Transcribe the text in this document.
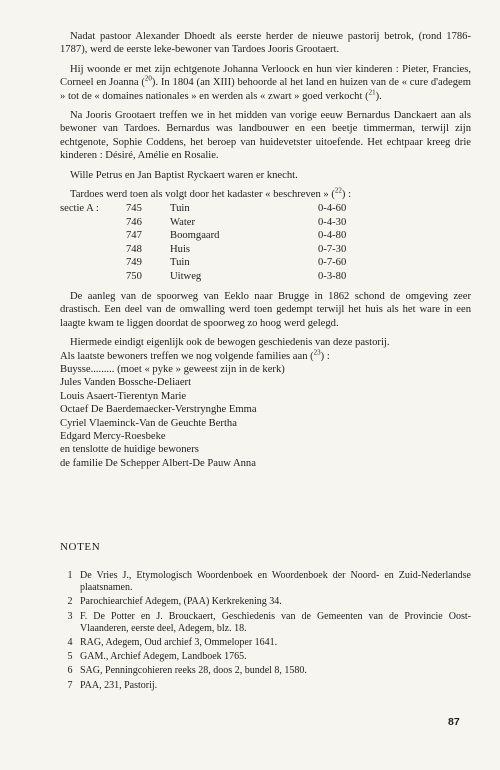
Nadat pastoor Alexander Dhoedt als eerste herder de nieuwe pastorij betrok, (rond 1786-1787), werd de eerste leke-bewoner van Tardoes Jooris Grootaert.

Hij woonde er met zijn echtgenote Johanna Verloock en hun vier kinderen : Pieter, Francies, Corneel en Joanna ($^{20}$). In 1804 (an XIII) behoorde al het land en huizen van de « cure d'adegem » tot de « domaines nationales » en werden als « zwart » goed verkocht ($^{21}$).

Na Jooris Grootaert treffen we in het midden van vorige eeuw Bernardus Danckaert aan als bewoner van Tardoes. Bernardus was landbouwer en een beetje timmerman, terwijl zijn echtgenote, Sophie Coddens, het beroep van huidevetster uitoefende. Het echtpaar kreeg drie kinderen : Désiré, Amélie en Rosalie.

Wille Petrus en Jan Baptist Ryckaert waren er knecht.

Tardoes werd toen als volgt door het kadaster « beschreven » ($^{22}$) :

sectie A :	745	Tuin	0-4-60
	746	Water	0-4-30
	747	Boomgaard	0-4-80
	748	Huis	0-7-30
	749	Tuin	0-7-60
	750	Uitweg	0-3-80

De aanleg van de spoorweg van Eeklo naar Brugge in 1862 schond de omgeving zeer drastisch. Een deel van de omwalling werd toen gedempt terwijl het huis als het ware in een laagte kwam te liggen doordat de spoorweg zo hoog werd gelegd.

Hiermede eindigt eigenlijk ook de bewogen geschiedenis van deze pastorij.

Als laatste bewoners treffen we nog volgende families aan ($^{23}$) :

Buysse......... (moet « pyke » geweest zijn in de kerk)
Jules Vanden Bossche-Deliaert
Louis Asaert-Tierentyn Marie
Octaef De Baerdemaecker-Verstrynghe Emma
Cyriel Vlaeminck-Van de Geuchte Bertha
Edgard Mercy-Roesbeke
en tenslotte de huidige bewoners
de familie De Schepper Albert-De Pauw Anna
NOTEN
1 De Vries J., Etymologisch Woordenboek en Woordenboek der Noord- en Zuid-Nederlandse plaatsnamen.
2 Parochiearchief Adegem, (PAA) Kerkrekening 34.
3 F. De Potter en J. Brouckaert, Geschiedenis van de Gemeenten van de Provincie Oost-Vlaanderen, eerste deel, Adegem, blz. 18.
4 RAG, Adegem, Oud archief 3, Ommeloper 1641.
5 GAM., Archief Adegem, Landboek 1765.
6 SAG, Penningcohieren reeks 28, doos 2, bundel 8, 1580.
7 PAA, 231, Pastorij.
87
